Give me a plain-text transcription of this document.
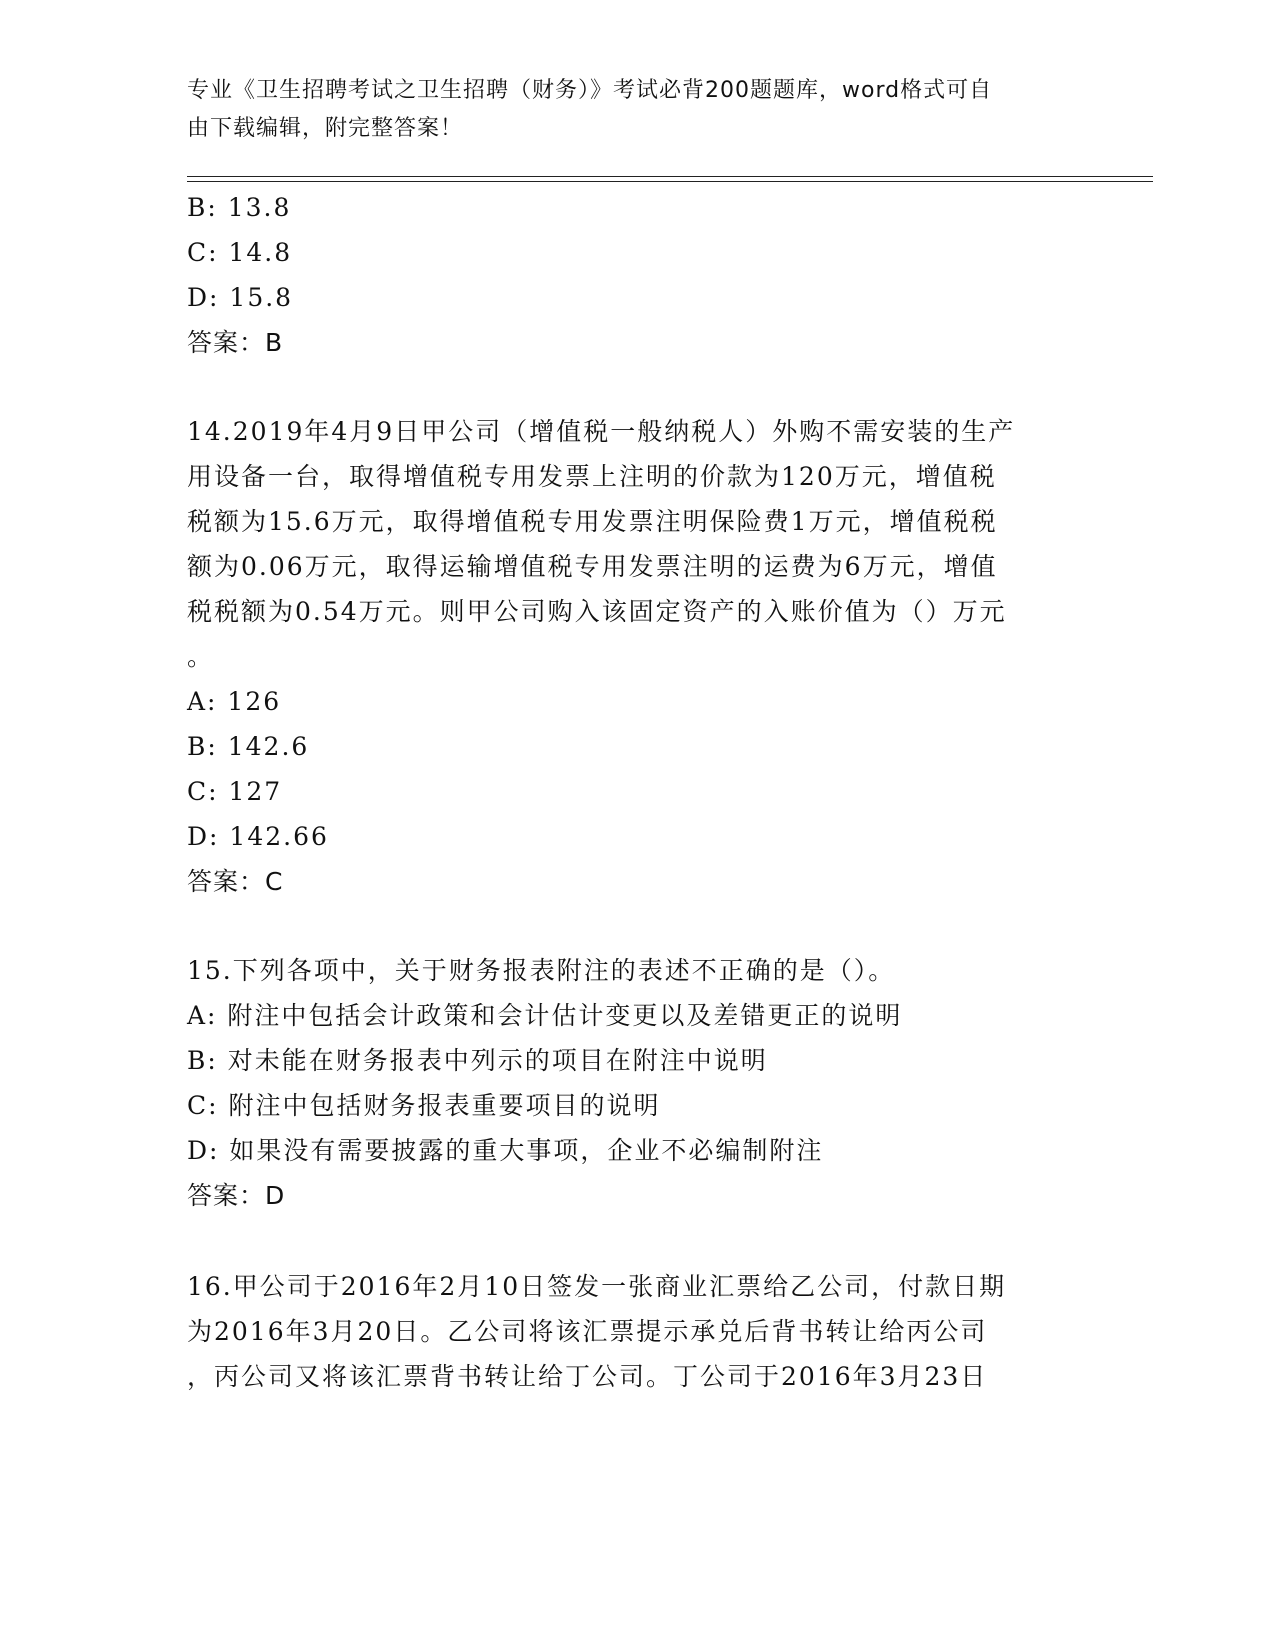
专业《卫生招聘考试之卫生招聘（财务）》考试必背200题题库，word格式可自
由下载编辑，附完整答案！
B: 13.8
C: 14.8
D: 15.8
答案：B
14.2019年4月9日甲公司（增值税一般纳税人）外购不需安装的生产
用设备一台，取得增值税专用发票上注明的价款为120万元，增值税
税额为15.6万元，取得增值税专用发票注明保险费1万元，增值税税
额为0.06万元，取得运输增值税专用发票注明的运费为6万元，增值
税税额为0.54万元。则甲公司购入该固定资产的入账价值为（）万元
。
A: 126
B: 142.6
C: 127
D: 142.66
答案：C
15.下列各项中，关于财务报表附注的表述不正确的是（）。
A: 附注中包括会计政策和会计估计变更以及差错更正的说明
B: 对未能在财务报表中列示的项目在附注中说明
C: 附注中包括财务报表重要项目的说明
D: 如果没有需要披露的重大事项，企业不必编制附注
答案：D
16.甲公司于2016年2月10日签发一张商业汇票给乙公司，付款日期
为2016年3月20日。乙公司将该汇票提示承兑后背书转让给丙公司
，丙公司又将该汇票背书转让给丁公司。丁公司于2016年3月23日
